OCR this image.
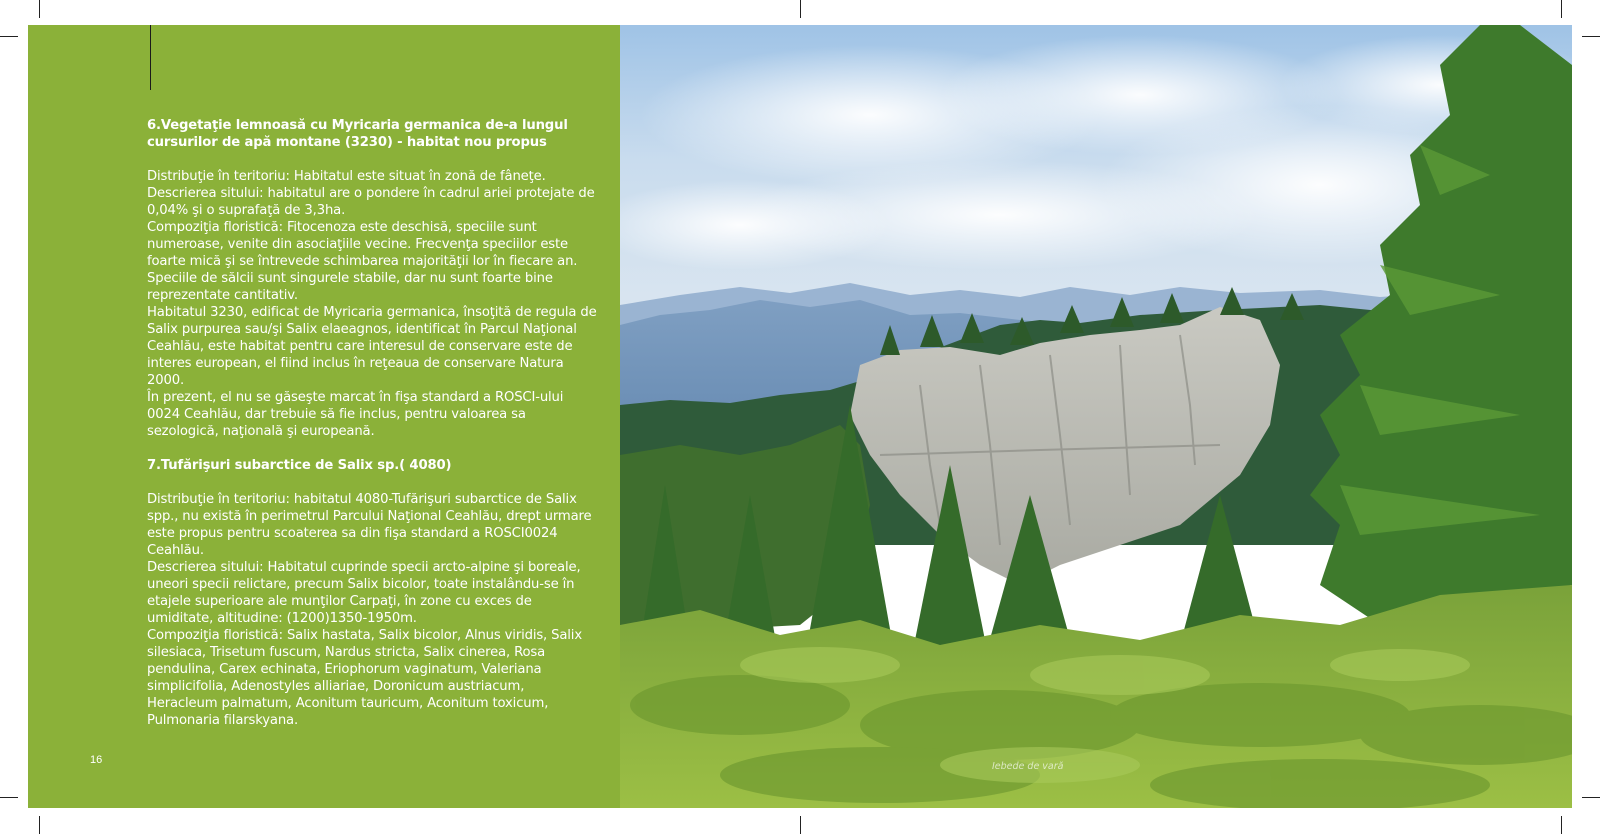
6.Vegetaţie lemnoasă cu Myricaria germanica de-a lungul cursurilor de apă montane (3230) - habitat nou propus

Distribuţie în teritoriu: Habitatul este situat în zonă de fâneţe.

Descrierea sitului: habitatul are o pondere în cadrul ariei protejate de 0,04% şi o suprafaţă de 3,3ha.

Compoziţia floristică: Fitocenoza este deschisă, speciile sunt numeroase, venite din asociaţiile vecine. Frecvenţa speciilor este foarte mică şi se întrevede schimbarea majorităţii lor în fiecare an. Speciile de sălcii sunt singurele stabile, dar nu sunt foarte bine reprezentate cantitativ.

Habitatul 3230, edificat de Myricaria germanica, însoţită de regula de Salix purpurea sau/şi Salix elaeagnos, identificat în Parcul Naţional Ceahlău, este habitat pentru care interesul de conservare este de interes european, el fiind inclus în reţeaua de conservare Natura 2000.

În prezent, el nu se găseşte marcat în fişa standard a ROSCI-ului 0024 Ceahlău, dar trebuie să fie inclus, pentru valoarea sa sezologică, naţională şi europeană.

7.Tufărişuri subarctice de Salix sp.( 4080)

Distribuţie în teritoriu: habitatul 4080-Tufărişuri subarctice de Salix spp., nu există în perimetrul Parcului Naţional Ceahlău, drept urmare este propus pentru scoaterea sa din fişa standard a ROSCI0024 Ceahlău.

Descrierea sitului: Habitatul cuprinde specii arcto-alpine şi boreale, uneori specii relictare, precum Salix bicolor, toate instalându-se în etajele superioare ale munţilor Carpaţi, în zone cu exces de umiditate, altitudine: (1200)1350-1950m.

Compoziţia floristică: Salix hastata, Salix bicolor, Alnus viridis, Salix silesiaca, Trisetum fuscum, Nardus stricta, Salix cinerea, Rosa pendulina, Carex echinata, Eriophorum vaginatum, Valeriana simplicifolia, Adenostyles alliariae, Doronicum austriacum, Heracleum palmatum, Aconitum tauricum, Aconitum toxicum, Pulmonaria filarskyana.

16
Iebede de vară
